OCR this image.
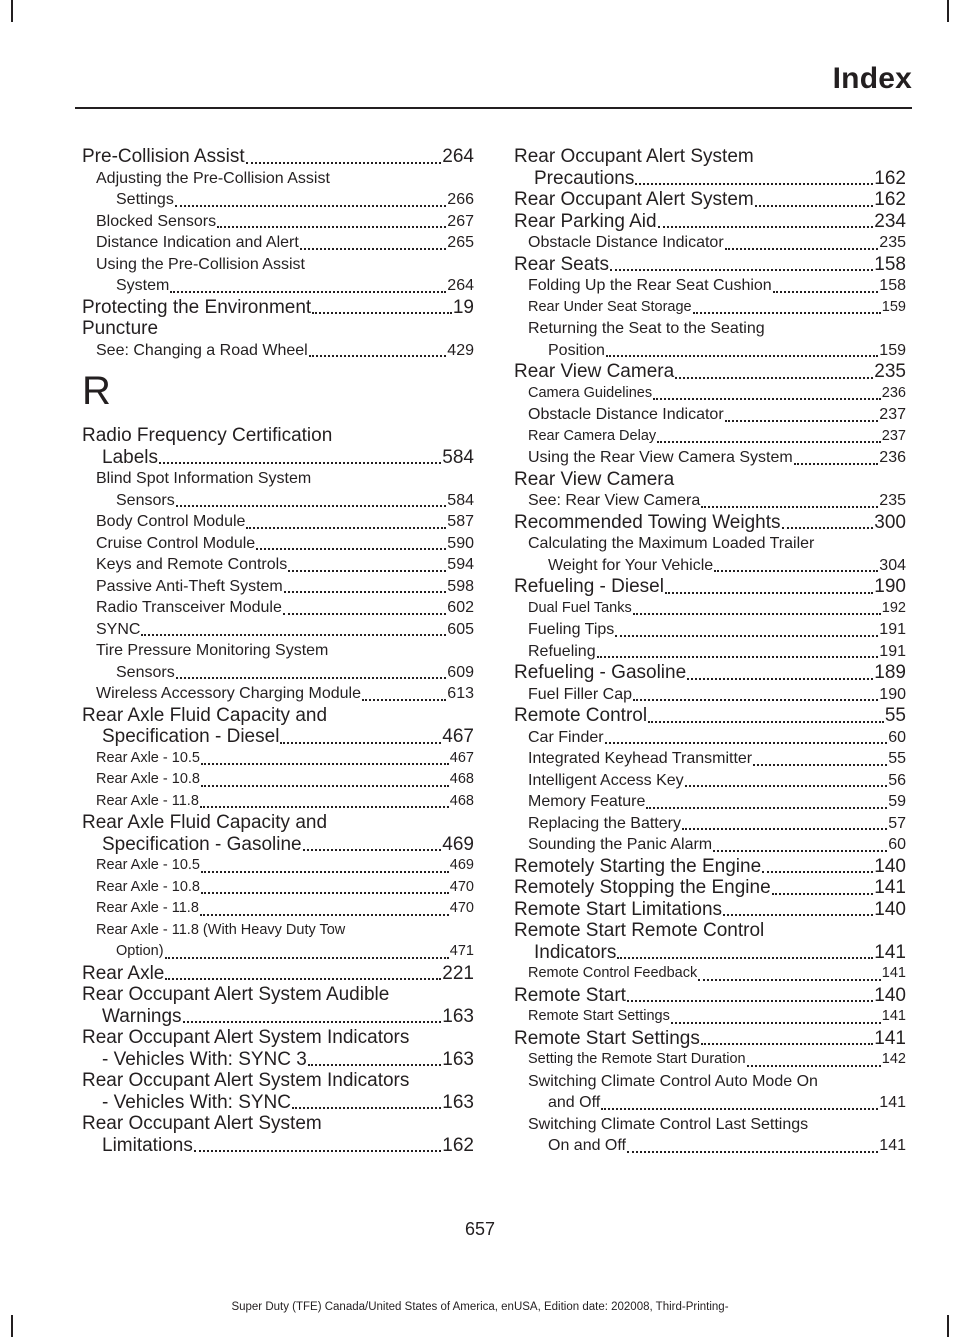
Index
Pre-Collision Assist	264
Adjusting the Pre-Collision Assist
Settings	266
Blocked Sensors	267
Distance Indication and Alert	265
Using the Pre-Collision Assist
System	264
Protecting the Environment	19
Puncture
See: Changing a Road Wheel	429
R
Radio Frequency Certification
Labels	584
Blind Spot Information System
Sensors	584
Body Control Module	587
Cruise Control Module	590
Keys and Remote Controls	594
Passive Anti-Theft System	598
Radio Transceiver Module	602
SYNC	605
Tire Pressure Monitoring System
Sensors	609
Wireless Accessory Charging Module	613
Rear Axle Fluid Capacity and
Specification - Diesel	467
Rear Axle - 10.5	467
Rear Axle - 10.8	468
Rear Axle - 11.8	468
Rear Axle Fluid Capacity and
Specification - Gasoline	469
Rear Axle - 10.5	469
Rear Axle - 10.8	470
Rear Axle - 11.8	470
Rear Axle - 11.8 (With Heavy Duty Tow
Option)	471
Rear Axle	221
Rear Occupant Alert System Audible
Warnings	163
Rear Occupant Alert System Indicators
- Vehicles With: SYNC 3	163
Rear Occupant Alert System Indicators
- Vehicles With: SYNC	163
Rear Occupant Alert System
Limitations	162
Rear Occupant Alert System
Precautions	162
Rear Occupant Alert System	162
Rear Parking Aid	234
Obstacle Distance Indicator	235
Rear Seats	158
Folding Up the Rear Seat Cushion	158
Rear Under Seat Storage	159
Returning the Seat to the Seating
Position	159
Rear View Camera	235
Camera Guidelines	236
Obstacle Distance Indicator	237
Rear Camera Delay	237
Using the Rear View Camera System	236
Rear View Camera
See: Rear View Camera	235
Recommended Towing Weights	300
Calculating the Maximum Loaded Trailer
Weight for Your Vehicle	304
Refueling - Diesel	190
Dual Fuel Tanks	192
Fueling Tips	191
Refueling	191
Refueling - Gasoline	189
Fuel Filler Cap	190
Remote Control	55
Car Finder	60
Integrated Keyhead Transmitter	55
Intelligent Access Key	56
Memory Feature	59
Replacing the Battery	57
Sounding the Panic Alarm	60
Remotely Starting the Engine	140
Remotely Stopping the Engine	141
Remote Start Limitations	140
Remote Start Remote Control
Indicators	141
Remote Control Feedback	141
Remote Start	140
Remote Start Settings	141
Remote Start Settings	141
Setting the Remote Start Duration	142
Switching Climate Control Auto Mode On
and Off	141
Switching Climate Control Last Settings
On and Off	141
657
Super Duty (TFE) Canada/United States of America, enUSA, Edition date: 202008, Third-Printing-
